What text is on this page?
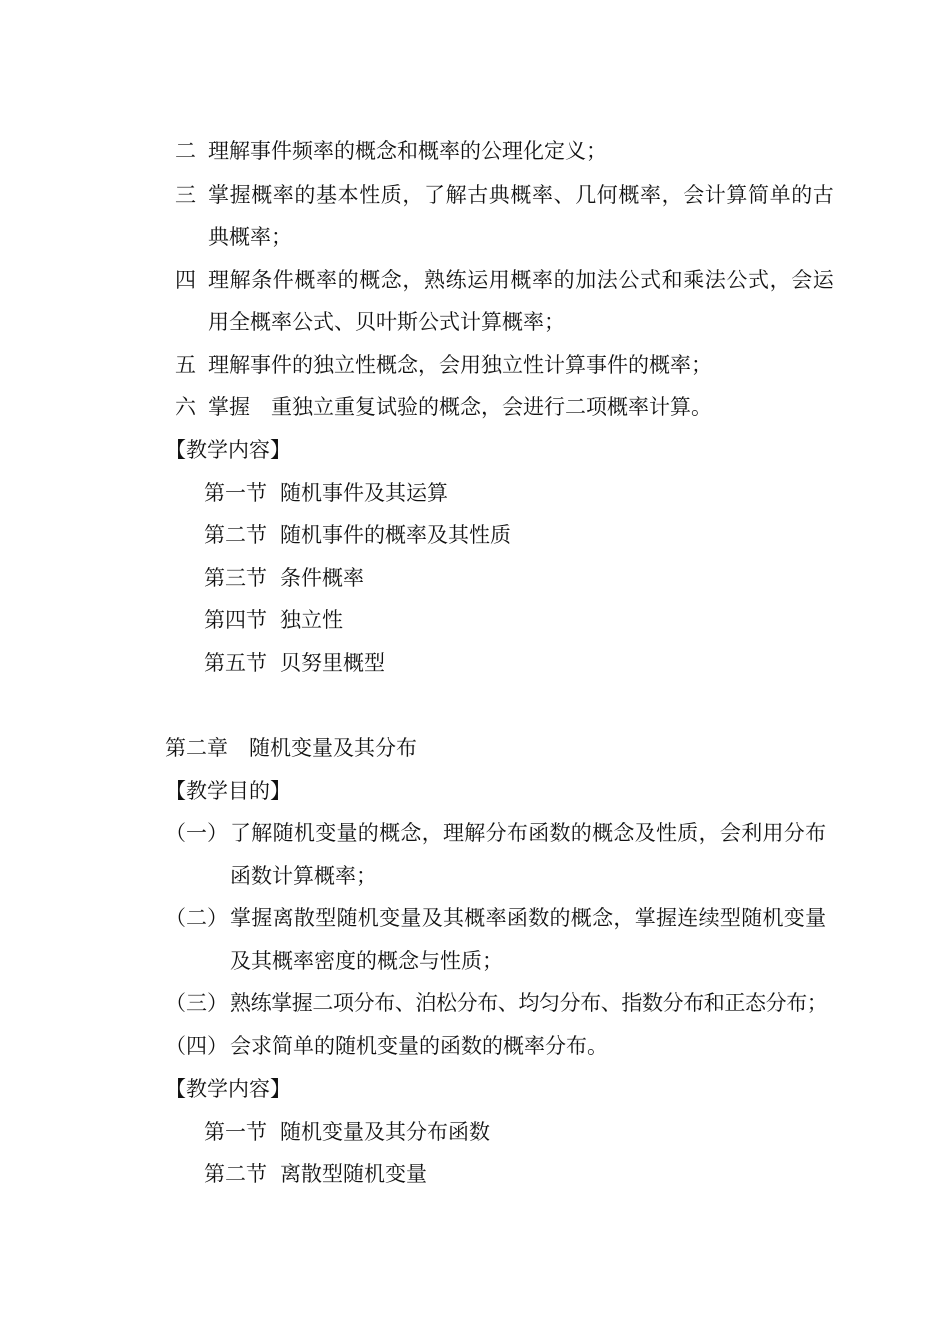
二 理解事件频率的概念和概率的公理化定义；
三 掌握概率的基本性质，了解古典概率、几何概率，会计算简单的古
典概率；
四 理解条件概率的概念，熟练运用概率的加法公式和乘法公式，会运
用全概率公式、贝叶斯公式计算概率；
五 理解事件的独立性概念，会用独立性计算事件的概率；
六 掌握　重独立重复试验的概念，会进行二项概率计算。
【教学内容】
第一节 随机事件及其运算
第二节 随机事件的概率及其性质
第三节 条件概率
第四节 独立性
第五节 贝努里概型
第二章　随机变量及其分布
【教学目的】
（一） 了解随机变量的概念，理解分布函数的概念及性质，会利用分布
函数计算概率；
（二） 掌握离散型随机变量及其概率函数的概念，掌握连续型随机变量
及其概率密度的概念与性质；
（三） 熟练掌握二项分布、泊松分布、均匀分布、指数分布和正态分布；
（四） 会求简单的随机变量的函数的概率分布。
【教学内容】
第一节 随机变量及其分布函数
第二节 离散型随机变量
